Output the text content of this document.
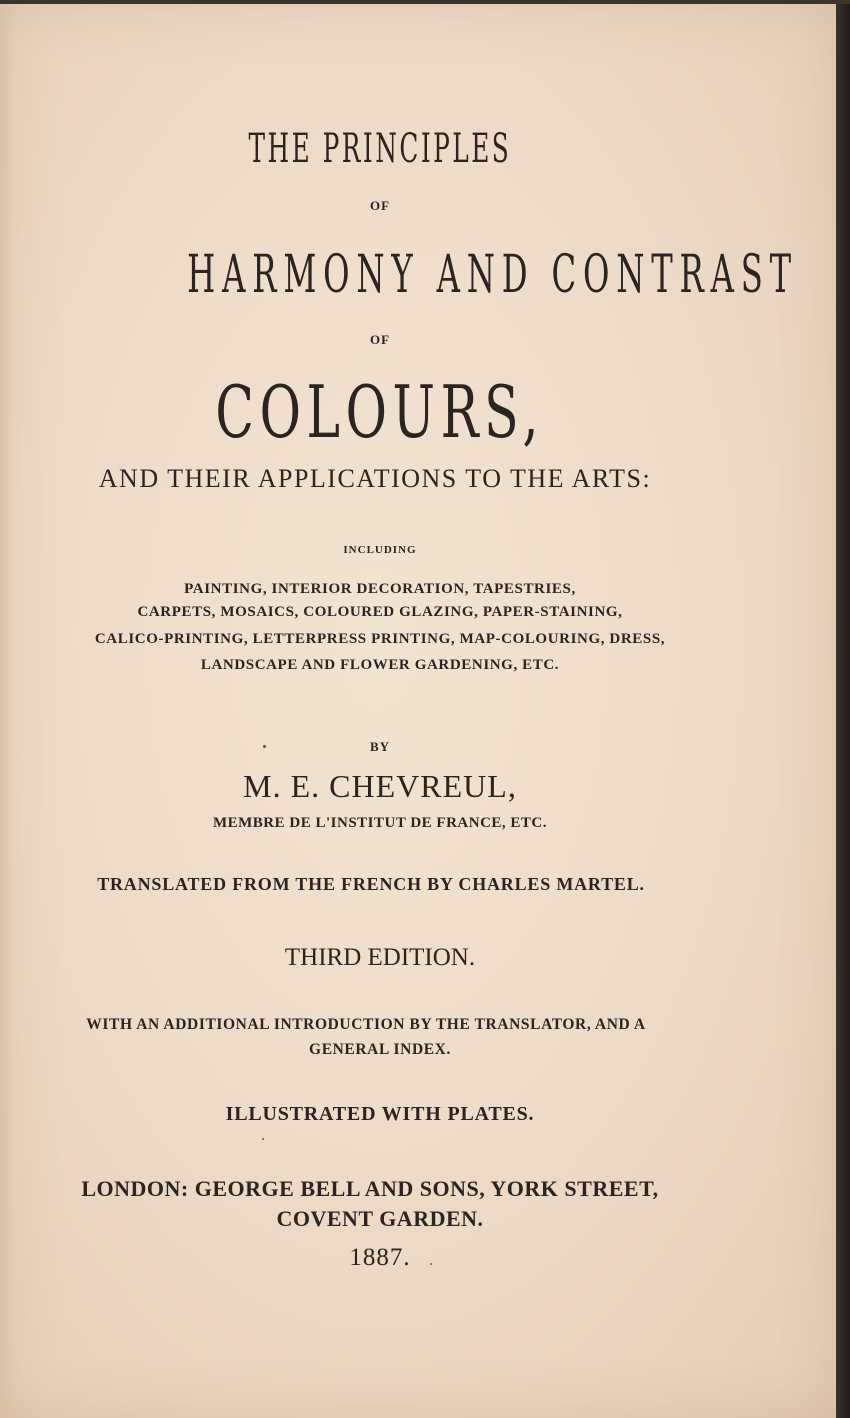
THE PRINCIPLES
OF
HARMONY AND CONTRAST
OF
COLOURS,
AND THEIR APPLICATIONS TO THE ARTS:
INCLUDING
PAINTING, INTERIOR DECORATION, TAPESTRIES,
CARPETS, MOSAICS, COLOURED GLAZING, PAPER-STAINING,
CALICO-PRINTING, LETTERPRESS PRINTING, MAP-COLOURING, DRESS,
LANDSCAPE AND FLOWER GARDENING, ETC.
BY
M. E. CHEVREUL,
MEMBRE DE L'INSTITUT DE FRANCE, ETC.
TRANSLATED FROM THE FRENCH BY CHARLES MARTEL.
THIRD EDITION.
WITH AN ADDITIONAL INTRODUCTION BY THE TRANSLATOR, AND A
GENERAL INDEX.
ILLUSTRATED WITH PLATES.
LONDON: GEORGE BELL AND SONS, YORK STREET,
COVENT GARDEN.
1887.
